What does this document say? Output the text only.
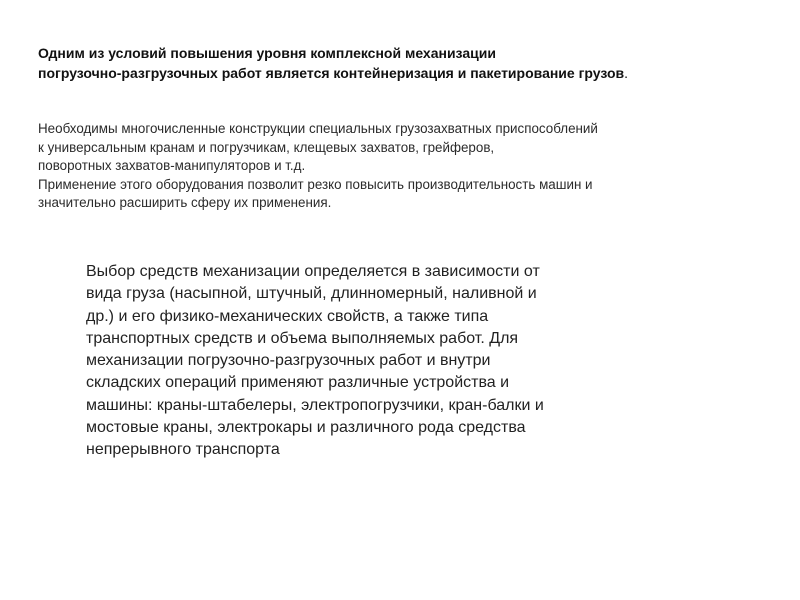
Одним из условий повышения уровня комплексной механизации
погрузочно-разгрузочных работ является контейнеризация и пакетирование грузов.
Необходимы многочисленные конструкции специальных грузозахватных приспособлений
к универсальным кранам и погрузчикам, клещевых захватов, грейферов,
поворотных захватов-манипуляторов и т.д.
Применение этого оборудования позволит резко повысить производительность машин и
значительно расширить сферу их применения.
Выбор средств механизации определяется в зависимости от
вида груза (насыпной, штучный, длинномерный, наливной и
др.) и его физико-механических свойств, а также типа
транспортных средств и объема выполняемых работ. Для
механизации погрузочно-разгрузочных работ и внутри
складских операций применяют различные устройства и
машины: краны-штабелеры, электропогрузчики, кран-балки и
мостовые краны, электрокары и различного рода средства
непрерывного транспорта
